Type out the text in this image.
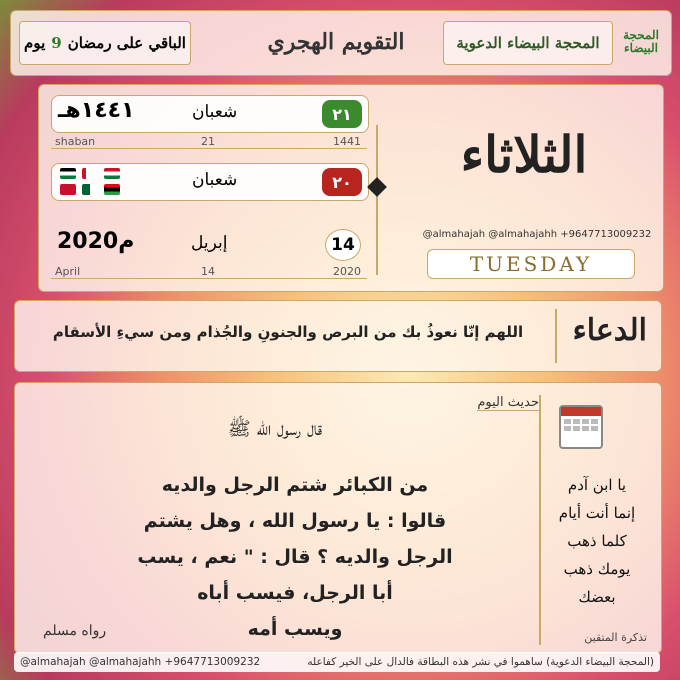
الباقي على رمضان
9
يوم	التقويم الهجري	المحجة البيضاء الدعوية	المحجة البيضاء
٢١
شعبان
١٤٤١هـ
shaban	21	1441

٢٠
شعبان
14
إبريل
2020م
April	14	2020

الثلاثاء
@almahajah @almahajahh +9647713009232
TUESDAY
الدعاء
اللهم إنّا نعوذُ بك من البرص والجنونِ والجُذام ومن سيءِ الأسقام
حديث اليوم
قال رسول الله ﷺ
من الكبائر شتم الرجل والديه
قالوا : يا رسول الله ، وهل يشتم
الرجل والديه ؟ قال : " نعم ، يسب
أبا الرجل، فيسب أباه
ويسب أمه
رواه مسلم
يا ابن آدم
إنما أنت أيام
كلما ذهب
يومك ذهب
بعضك
تذكرة المتقين
@almahajah @almahajahh +9647713009232	(المحجة البيضاء الدعوية) ساهموا في نشر هذه البطاقة فالدال على الخير كفاعله
